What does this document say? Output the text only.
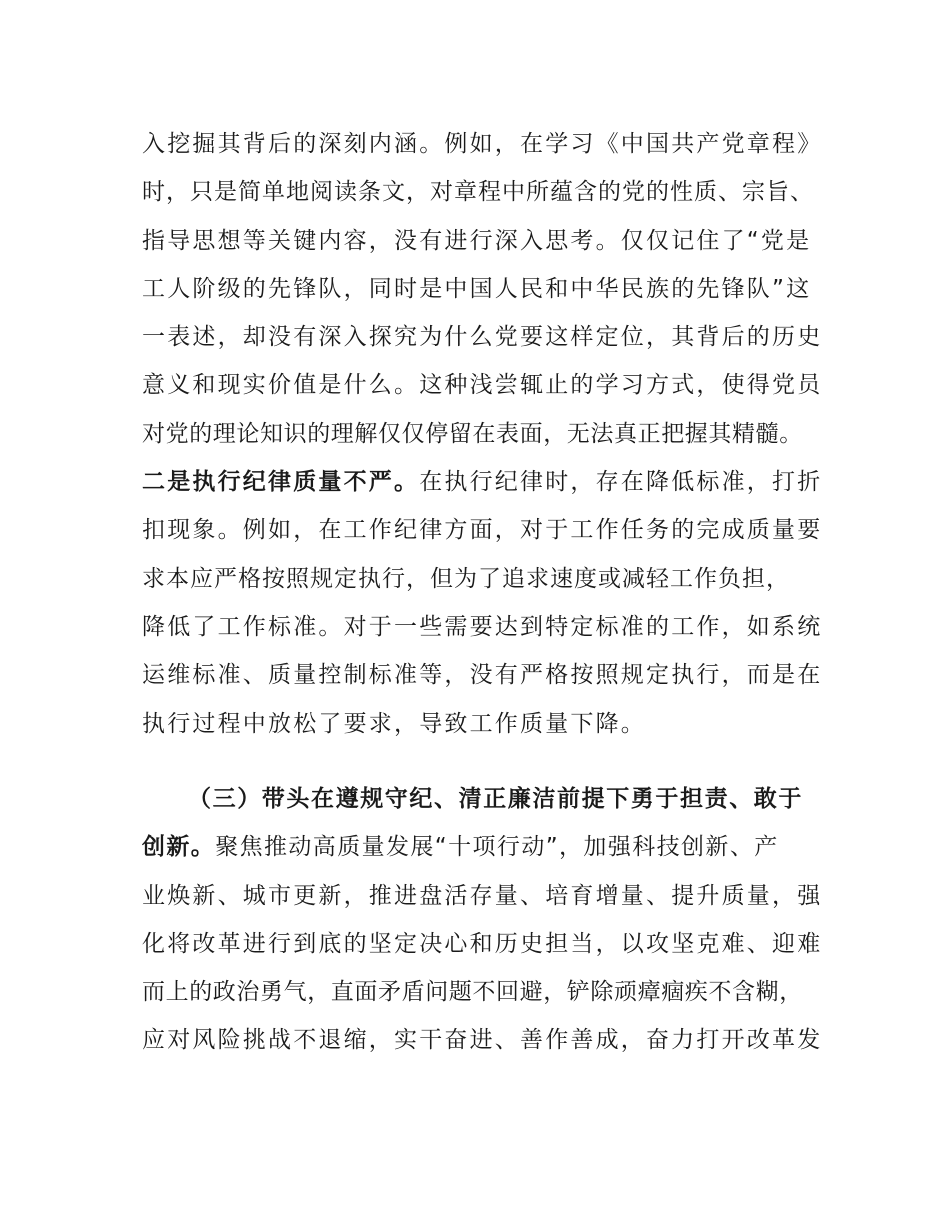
入挖掘其背后的深刻内涵。例如，在学习《中国共产党章程》
时，只是简单地阅读条文，对章程中所蕴含的党的性质、宗旨、
指导思想等关键内容，没有进行深入思考。仅仅记住了“党是
工人阶级的先锋队，同时是中国人民和中华民族的先锋队”这
一表述，却没有深入探究为什么党要这样定位，其背后的历史
意义和现实价值是什么。这种浅尝辄止的学习方式，使得党员
对党的理论知识的理解仅仅停留在表面，无法真正把握其精髓。
二是执行纪律质量不严。在执行纪律时，存在降低标准，打折
扣现象。例如，在工作纪律方面，对于工作任务的完成质量要
求本应严格按照规定执行，但为了追求速度或减轻工作负担，
降低了工作标准。对于一些需要达到特定标准的工作，如系统
运维标准、质量控制标准等，没有严格按照规定执行，而是在
执行过程中放松了要求，导致工作质量下降。
（三）带头在遵规守纪、清正廉洁前提下勇于担责、敢于
创新。聚焦推动高质量发展“十项行动”，加强科技创新、产
业焕新、城市更新，推进盘活存量、培育增量、提升质量，强
化将改革进行到底的坚定决心和历史担当，以攻坚克难、迎难
而上的政治勇气，直面矛盾问题不回避，铲除顽瘴痼疾不含糊，
应对风险挑战不退缩，实干奋进、善作善成，奋力打开改革发
